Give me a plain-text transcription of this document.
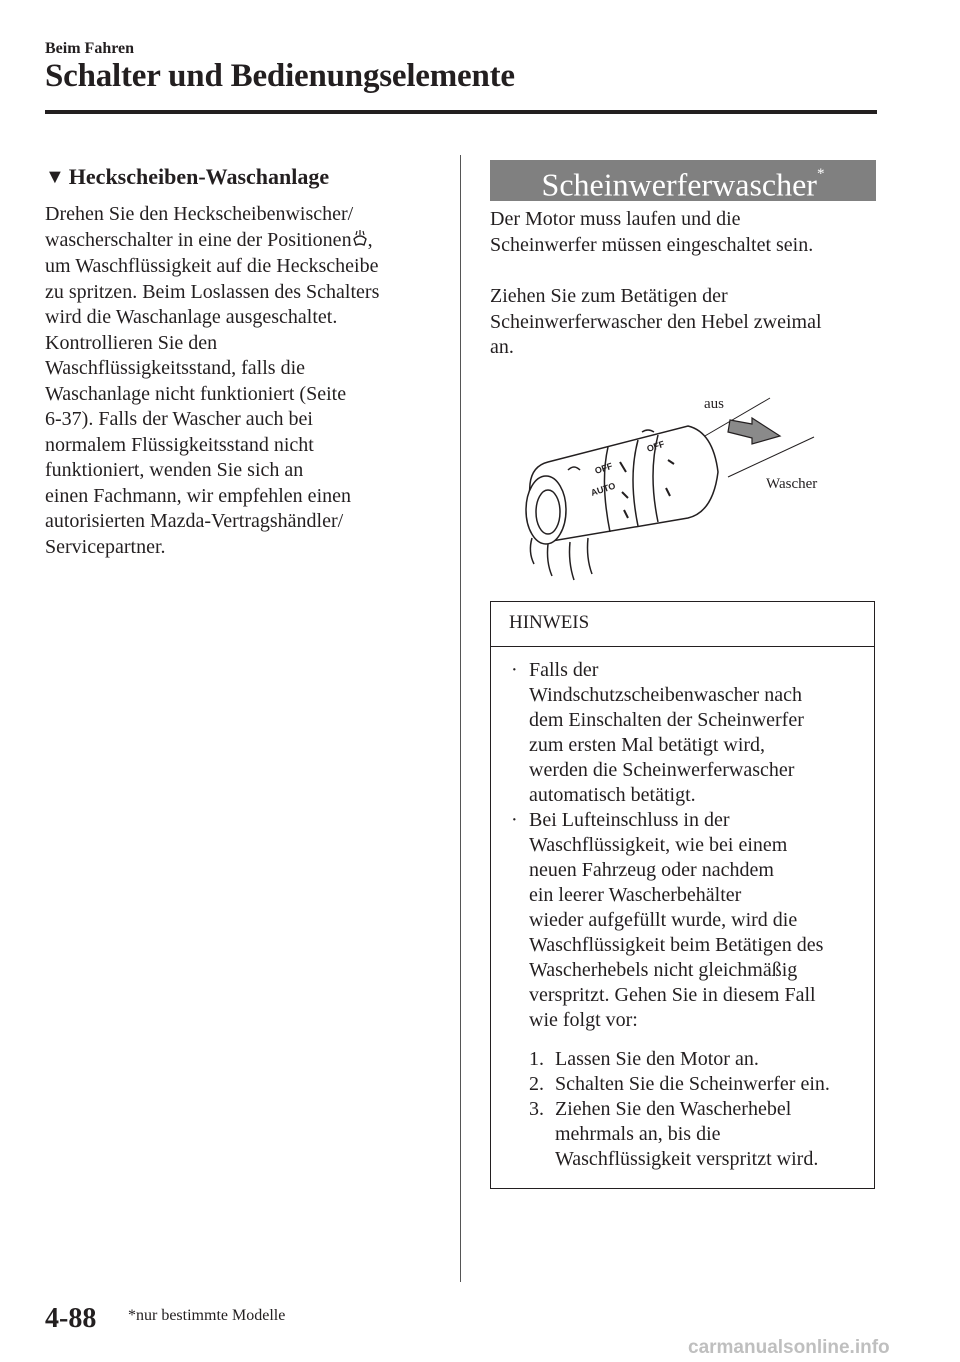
Beim Fahren
Schalter und Bedienungselemente
▼ Heckscheiben-Waschanlage
Drehen Sie den Heckscheibenwischer/
wascherschalter in eine der Positionen ,
um Waschflüssigkeit auf die Heckscheibe
zu spritzen. Beim Loslassen des Schalters
wird die Waschanlage ausgeschaltet.
Kontrollieren Sie den
Waschflüssigkeitsstand, falls die
Waschanlage nicht funktioniert (Seite
6-37). Falls der Wascher auch bei
normalem Flüssigkeitsstand nicht
funktioniert, wenden Sie sich an
einen Fachmann, wir empfehlen einen
autorisierten Mazda-Vertragshändler/
Servicepartner.
Scheinwerferwascher*
Der Motor muss laufen und die
Scheinwerfer müssen eingeschaltet sein.
Ziehen Sie zum Betätigen der
Scheinwerferwascher den Hebel zweimal
an.
OFF
AUTO
OFF
aus
Wascher
HINWEIS
· Falls der
Windschutzscheibenwascher nach
dem Einschalten der Scheinwerfer
zum ersten Mal betätigt wird,
werden die Scheinwerferwascher
automatisch betätigt.
· Bei Lufteinschluss in der
Waschflüssigkeit, wie bei einem
neuen Fahrzeug oder nachdem
ein leerer Wascherbehälter
wieder aufgefüllt wurde, wird die
Waschflüssigkeit beim Betätigen des
Wascherhebels nicht gleichmäßig
verspritzt. Gehen Sie in diesem Fall
wie folgt vor:
1. Lassen Sie den Motor an.
2. Schalten Sie die Scheinwerfer ein.
3. Ziehen Sie den Wascherhebel
mehrmals an, bis die
Waschflüssigkeit verspritzt wird.
4-88 *nur bestimmte Modelle
carmanualsonline.info
